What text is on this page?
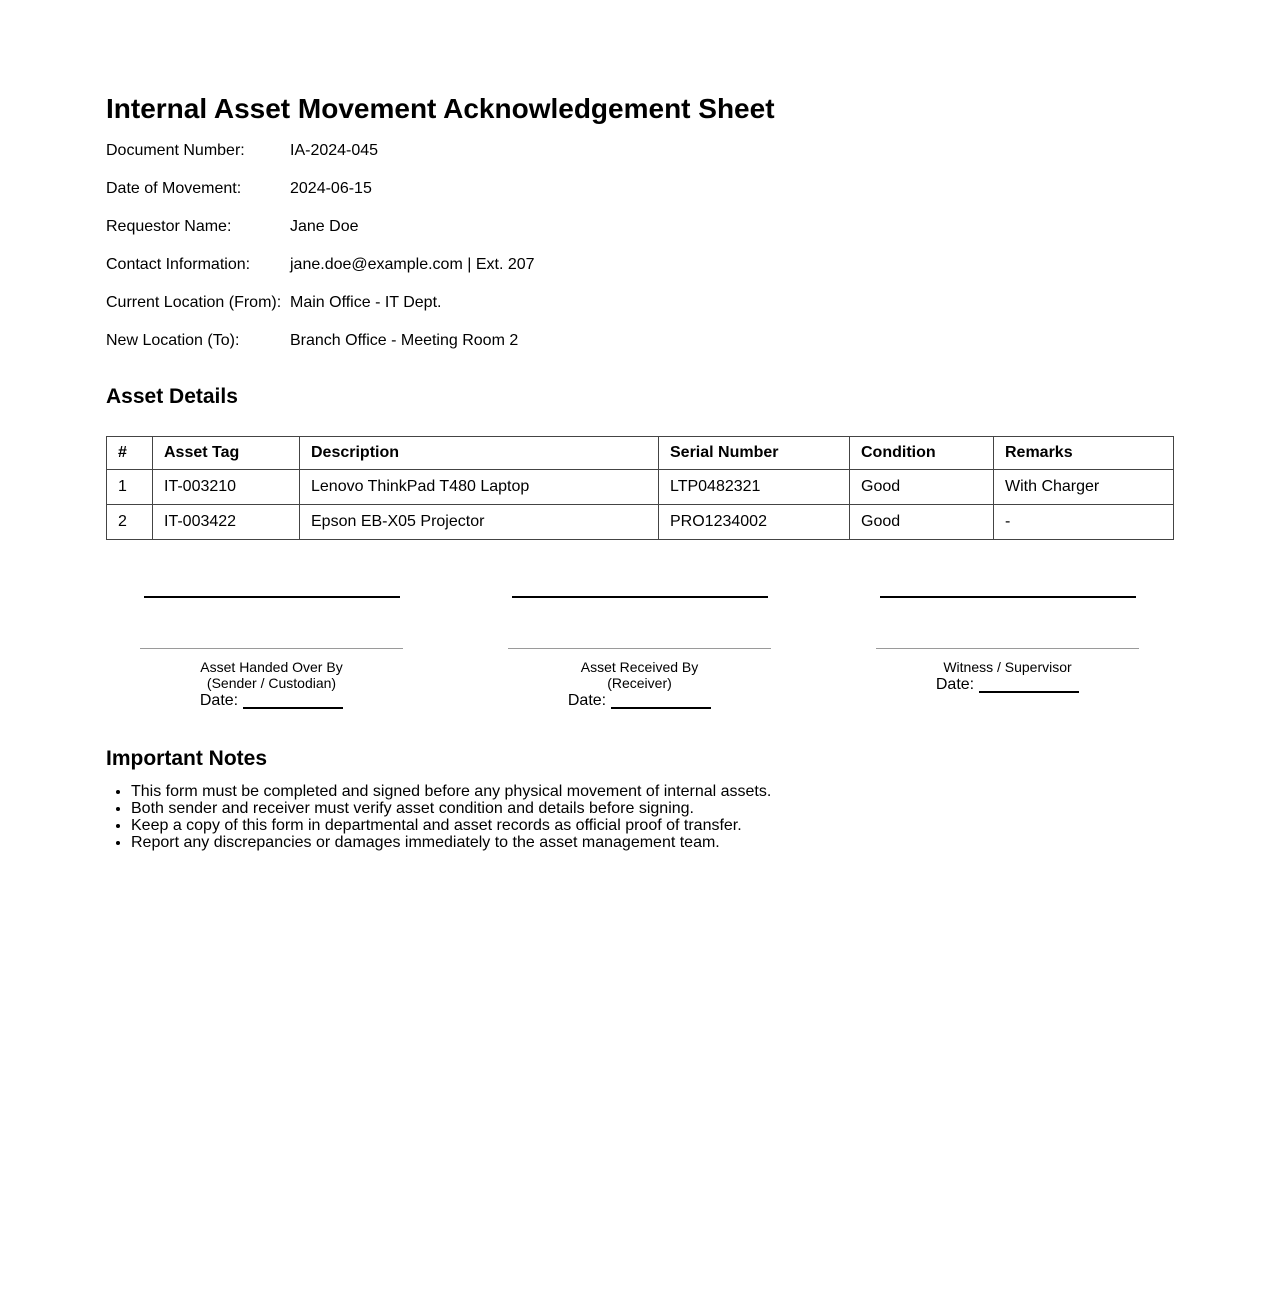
Internal Asset Movement Acknowledgement Sheet
Document Number:	IA-2024-045
Date of Movement:	2024-06-15
Requestor Name:	Jane Doe
Contact Information:	jane.doe@example.com | Ext. 207
Current Location (From): Main Office - IT Dept.
New Location (To):	Branch Office - Meeting Room 2
Asset Details
#	Asset Tag	Description	Serial Number	Condition	Remarks
1	IT-003210	Lenovo ThinkPad T480 Laptop	LTP0482321	Good	With Charger
2	IT-003422	Epson EB-X05 Projector	PRO1234002	Good	-

Asset Handed Over By

(Sender / Custodian)

Date:

Asset Received By

(Receiver)

Date:

Witness / Supervisor

Date:

Important Notes
• This form must be completed and signed before any physical movement of internal assets.
• Both sender and receiver must verify asset condition and details before signing.
• Keep a copy of this form in departmental and asset records as official proof of transfer.
• Report any discrepancies or damages immediately to the asset management team.
